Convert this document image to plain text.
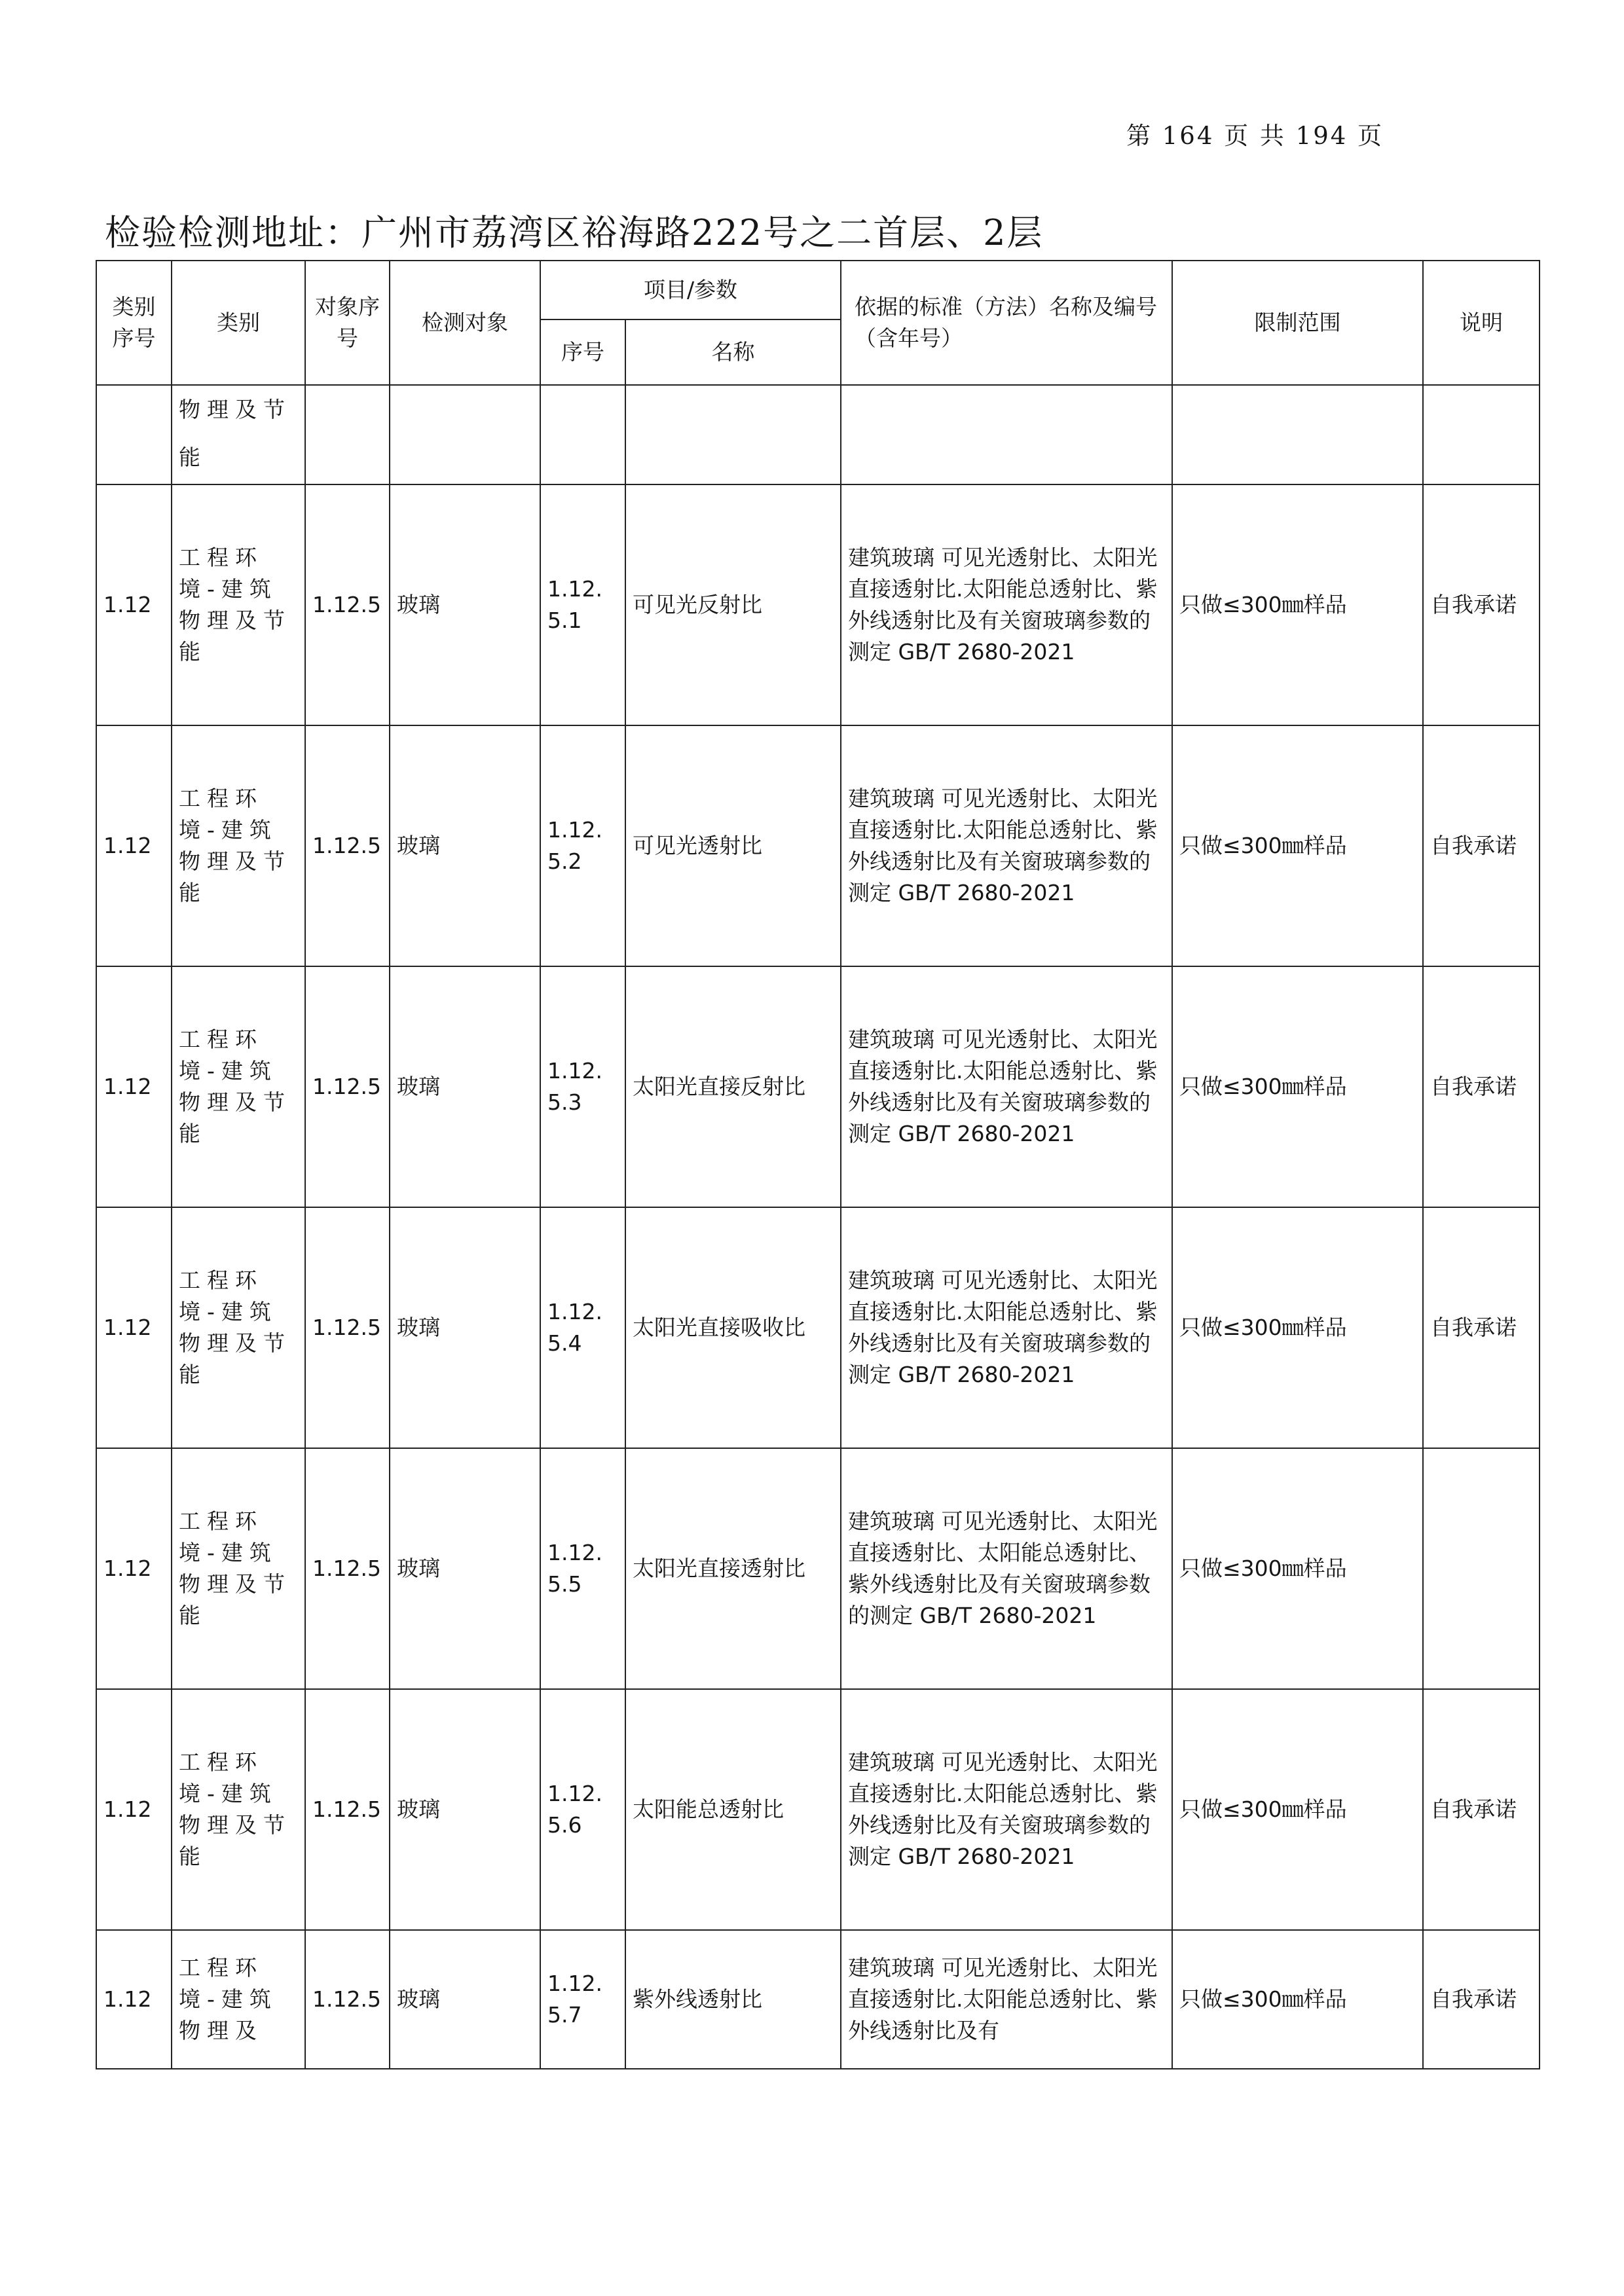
第 164 页 共 194 页
检验检测地址：广州市荔湾区裕海路222号之二首层、2层
类别序号	类别	对象序号	检测对象	项目/参数		依据的标准（方法）名称及编号（含年号）	限制范围	说明
				序号	名称			
	物理及节能							
1.12	工程环境-建筑物理及节能	1.12.5	玻璃	1.12.5.1	可见光反射比	建筑玻璃 可见光透射比、太阳光直接透射比.太阳能总透射比、紫外线透射比及有关窗玻璃参数的测定 GB/T 2680-2021	只做≤300㎜样品	自我承诺
1.12	工程环境-建筑物理及节能	1.12.5	玻璃	1.12.5.2	可见光透射比	建筑玻璃 可见光透射比、太阳光直接透射比.太阳能总透射比、紫外线透射比及有关窗玻璃参数的测定 GB/T 2680-2021	只做≤300㎜样品	自我承诺
1.12	工程环境-建筑物理及节能	1.12.5	玻璃	1.12.5.3	太阳光直接反射比	建筑玻璃 可见光透射比、太阳光直接透射比.太阳能总透射比、紫外线透射比及有关窗玻璃参数的测定 GB/T 2680-2021	只做≤300㎜样品	自我承诺
1.12	工程环境-建筑物理及节能	1.12.5	玻璃	1.12.5.4	太阳光直接吸收比	建筑玻璃 可见光透射比、太阳光直接透射比.太阳能总透射比、紫外线透射比及有关窗玻璃参数的测定 GB/T 2680-2021	只做≤300㎜样品	自我承诺
1.12	工程环境-建筑物理及节能	1.12.5	玻璃	1.12.5.5	太阳光直接透射比	建筑玻璃 可见光透射比、太阳光直接透射比、太阳能总透射比、紫外线透射比及有关窗玻璃参数的测定 GB/T 2680-2021	只做≤300㎜样品	
1.12	工程环境-建筑物理及节能	1.12.5	玻璃	1.12.5.6	太阳能总透射比	建筑玻璃 可见光透射比、太阳光直接透射比.太阳能总透射比、紫外线透射比及有关窗玻璃参数的测定 GB/T 2680-2021	只做≤300㎜样品	自我承诺
1.12	工程环境-建筑物理及	1.12.5	玻璃	1.12.5.7	紫外线透射比	建筑玻璃 可见光透射比、太阳光直接透射比.太阳能总透射比、紫外线透射比及有	只做≤300㎜样品	自我承诺
